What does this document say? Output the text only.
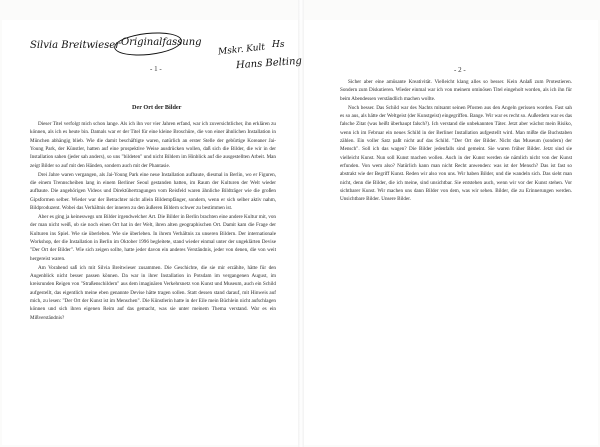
Silvia Breitwieser Originalfassung
Mskr. Kult Hs
Hans Belting
- 1 -	- 2 -
Der Ort der Bilder

Dieser Titel verfolgt mich schon lange. Als ich ihn vor vier Jahren erfand, war ich zuversichtlicher, ihn erklären zu können, als ich es heute bin. Damals war er der Titel für eine kleine Broschüre, die von einer ähnlichen Installation in München abhängig blieb. Wie die damit beschäftigte waren, natürlich an erster Stelle der gebürtige Koreaner Jai-Young Park, der Künstler, hatten auf eine prospektive Weise ausdrücken wollen, daß sich die Bilder, die wir in der Installation sahen (jeder sah anders), so uns "bildeten" und nicht Bildern im Hinblick auf die ausgestellten Arbeit. Man zeigt Bilder so auf mit den Händen, sondern auch mit der Phantasie.

Drei Jahre waren vergangen, als Jai-Young Park eine neue Installation aufbaute, diesmal in Berlin, wo er Figuren, die einem Trennscheiben lang in einem Berliner Seoul gestanden hatten, im Raum der Kulturen der Welt wieder aufbaute. Die angehörigen Videos und Direktübertragungen vom Reisfeld waren ähnliche Bildträger wie die großen Gipsformen selber. Wieder war der Betrachter nicht allein Bildempfänger, sondern, wenn er sich selber aktiv nahm, Bildproduzent. Wobei das Verhältnis der inneren zu den äußeren Bildern schwer zu bestimmen ist.

Aber es ging ja keineswegs um Bilder irgendwelcher Art. Die Bilder in Berlin brachten eine andere Kultur mit, von der man nicht weiß, ob sie noch einen Ort hat in der Welt, ihren alten geographischen Ort. Damit kam die Frage der Kulturen ins Spiel. Wie sie überleben. Wie sie überleben. In ihrem Verhältnis zu unseren Bildern. Der internationale Workshop, der die Installation in Berlin im Oktober 1996 begleitete, stand wieder einmal unter der ungeklärten Devise "Der Ort der Bilder". Wie sich zeigen sollte, hatte jeder davon ein anderes Verständnis, jeder von denen, die von weit hergereist waren.

Am Vorabend saß ich mit Silvia Breitwieser zusammen. Die Geschichte, die sie mir erzählte, hätte für den Augenblick nicht besser passen können. Da war in ihrer Installation in Potsdam im vergangenen August, im kreisrunden Reigen von "Straßenschildern" aus dem imaginären Verkehrsnetz von Kunst und Museum, auch ein Schild aufgestellt, das eigentlich meine eben genannte Devise hätte tragen sollen. Statt dessen stand darauf, mit Hinweis auf mich, zu lesen: "Der Ort der Kunst ist im Menschen". Die Künstlerin hatte in der Eile mein Büchlein nicht aufschlagen können und sich ihren eigenen Reim auf das gemacht, was sie unter meinem Thema verstand. War es ein Mißverständnis?

Sicher aber eine amüsante Kreativität. Vielleicht klang alles so besser. Kein Anlaß zum Protestieren. Sondern zum Diskutieren. Wieder einmal war ich von meinem ominösen Titel eingeholt worden, als ich ihn für beim Abendessen verständlich machen wollte.

Noch besser. Das Schild war des Nachts mitsamt seinen Pfosten aus den Angeln gerissen worden. Fast sah es so aus, als hätte der Weltgeist (der Kunstgeist) eingegriffen. Bange. Wir war es recht so. Außerdem war es das falsche Zitat (was heißt überhaupt falsch?). Ich verstand die unbekannten Täter. Jetzt aber wächst mein Risiko, wenn ich im Februar ein neues Schild in der Berliner Installation aufgestellt wird. Man mißte die Buchstaben zählen. Ein voller Satz paßt nicht auf das Schild. "Der Ort der Bilder. Nicht das Museum (sondern) der Mensch". Soll ich das wagen? Die Bilder jedenfalls sind gemeint. Sie waren früher Bilder. Jetzt sind sie vielleicht Kunst. Nun soll Kunst machen wollen. Auch in der Kunst werden sie nämlich nicht von der Kunst erfunden. Von wem also? Natürlich kann man nicht Recht anwenden: was ist der Mensch? Das ist fast so abstrakt wie der Begriff Kunst. Reden wir also von uns. Wir haben Bilder, und die wandeln sich. Das sieht man nicht, denn die Bilder, die ich meine, sind unsichtbar. Sie entstehen auch, wenn wir vor der Kunst stehen. Vor sichtbarer Kunst. Wir machen uns dann Bilder von dem, was wir sehen. Bilder, die zu Erinnerungen werden. Unsichtbare Bilder. Unsere Bilder.
